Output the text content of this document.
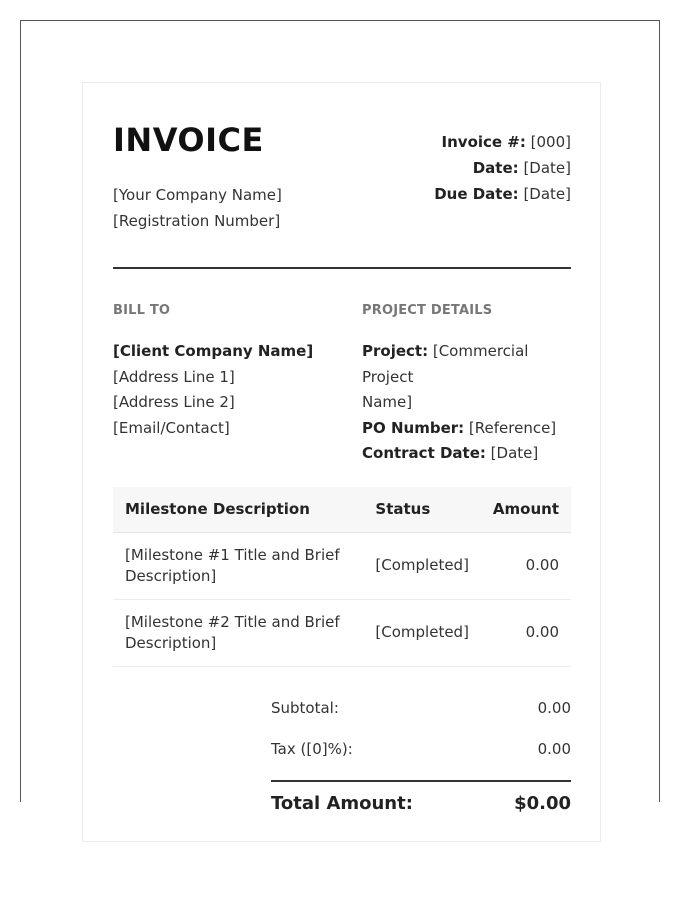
INVOICE
[Your Company Name]
[Registration Number]
Invoice #: [000]
Date: [Date]
Due Date: [Date]
BILL TO	PROJECT DETAILS
[Client Company Name]
[Address Line 1]
[Address Line 2]
[Email/Contact]
Project: [Commercial Project
Name]
PO Number: [Reference]
Contract Date: [Date]
Milestone Description	Status	Amount

[Milestone #1 Title and Brief
Description]	[Completed]	0.00

[Milestone #2 Title and Brief
Description]	[Completed]	0.00
Subtotal:	0.00
Tax ([0]%):	0.00
Total Amount:	$0.00
